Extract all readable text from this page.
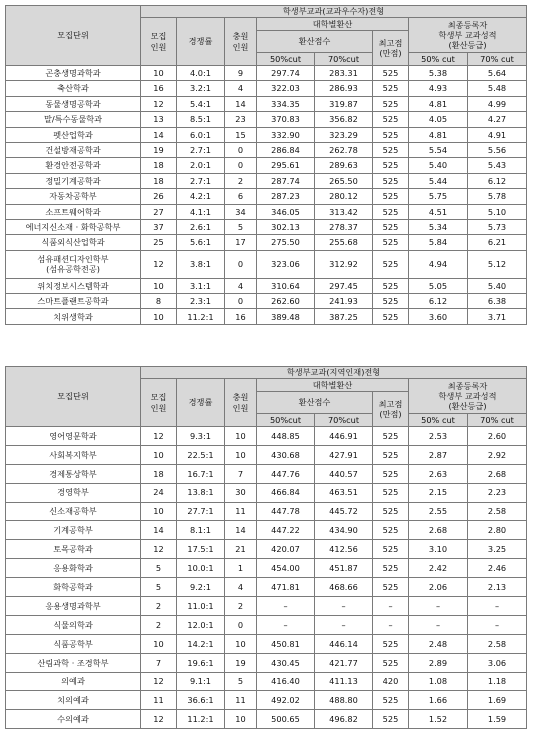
모집단위	학생부교과(교과우수자)전형							
	모집
인원	경쟁률	충원
인원	대학별환산			최종등록자
학생부 교과성적
(환산등급)	
				환산점수		최고점
(만점)		
				50%cut	70%cut		50% cut	70% cut
곤충생명과학과	10	4.0:1	9	297.74	283.31	525	5.38	5.64
축산학과	16	3.2:1	4	322.03	286.93	525	4.93	5.48
동물생명공학과	12	5.4:1	14	334.35	319.87	525	4.81	4.99
말/특수동물학과	13	8.5:1	23	370.83	356.82	525	4.05	4.27
펫산업학과	14	6.0:1	15	332.90	323.29	525	4.81	4.91
건설방재공학과	19	2.7:1	0	286.84	262.78	525	5.54	5.56
환경안전공학과	18	2.0:1	0	295.61	289.63	525	5.40	5.43
정밀기계공학과	18	2.7:1	2	287.74	265.50	525	5.44	6.12
자동차공학부	26	4.2:1	6	287.23	280.12	525	5.75	5.78
소프트웨어학과	27	4.1:1	34	346.05	313.42	525	4.51	5.10
에너지신소재 · 화학공학부	37	2.6:1	5	302.13	278.37	525	5.34	5.73
식품외식산업학과	25	5.6:1	17	275.50	255.68	525	5.84	6.21
섬유패션디자인학부
(섬유공학전공)	12	3.8:1	0	323.06	312.92	525	4.94	5.12
위치정보시스템학과	10	3.1:1	4	310.64	297.45	525	5.05	5.40
스마트플랜트공학과	8	2.3:1	0	262.60	241.93	525	6.12	6.38
치위생학과	10	11.2:1	16	389.48	387.25	525	3.60	3.71
모집단위	학생부교과(지역인재)전형							
	모집
인원	경쟁률	충원
인원	대학별환산			최종등록자
학생부 교과성적
(환산등급)	
				환산점수		최고점
(만점)		
				50%cut	70%cut		50% cut	70% cut
영어영문학과	12	9.3:1	10	448.85	446.91	525	2.53	2.60
사회복지학부	10	22.5:1	10	430.68	427.91	525	2.87	2.92
경제통상학부	18	16.7:1	7	447.76	440.57	525	2.63	2.68
경영학부	24	13.8:1	30	466.84	463.51	525	2.15	2.23
신소재공학부	10	27.7:1	11	447.78	445.72	525	2.55	2.58
기계공학부	14	8.1:1	14	447.22	434.90	525	2.68	2.80
토목공학과	12	17.5:1	21	420.07	412.56	525	3.10	3.25
응용화학과	5	10.0:1	1	454.00	451.87	525	2.42	2.46
화학공학과	5	9.2:1	4	471.81	468.66	525	2.06	2.13
응용생명과학부	2	11.0:1	2	–	–	–	–	–
식물의학과	2	12.0:1	0	–	–	–	–	–
식품공학부	10	14.2:1	10	450.81	446.14	525	2.48	2.58
산림과학 · 조경학부	7	19.6:1	19	430.45	421.77	525	2.89	3.06
의예과	12	9.1:1	5	416.40	411.13	420	1.08	1.18
치의예과	11	36.6:1	11	492.02	488.80	525	1.66	1.69
수의예과	12	11.2:1	10	500.65	496.82	525	1.52	1.59
